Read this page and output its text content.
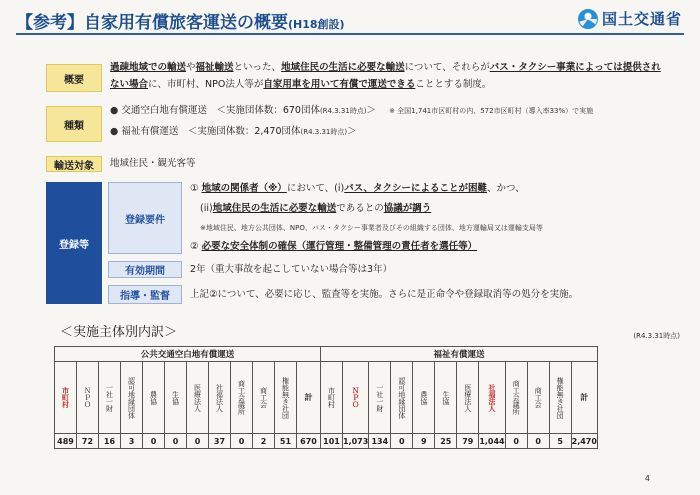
【参考】自家用有償旅客運送の概要(H18創設)	国土交通省
概要
過疎地域での輸送や福祉輸送といった、地域住民の生活に必要な輸送について、それらがバス・タクシー事業によっては提供され
ない場合に、市町村、NPO法人等が自家用車を用いて有償で運送できることとする制度。
種類
● 交通空白地有償運送　＜実施団体数：670団体(R4.3.31時点)＞ ※ 全国1,741市区町村の内、572市区町村（導入率33%）で実施
● 福祉有償運送　＜実施団体数：2,470団体(R4.3.31時点)＞
輸送対象	地域住民・観光客等
登録等
登録要件
① 地域の関係者（※）において、(i)バス、タクシーによることが困難、かつ、
(ii)地域住民の生活に必要な輸送であるとの協議が調う
※地域住民、地方公共団体、NPO、バス・タクシー事業者及びその組織する団体、地方運輸局又は運輸支局等
② 必要な安全体制の確保（運行管理・整備管理の責任者を選任等）
有効期間	2年（重大事故を起こしていない場合等は3年）
指導・監督	上記②について、必要に応じ、監査等を実施。さらに是正命令や登録取消等の処分を実施。
＜実施主体別内訳＞	(R4.3.31時点)
公共交通空白地有償運送												福祉有償運送											
市町村	ＮＰＯ	一社一財	認可地縁団体	農協	生協	医療法人	社福法人	商工会議所	商工会	権能無き社団	計	市町村	ＮＰＯ	一社一財	認可地縁団体	農協	生協	医療法人	社福法人	商工会議所	商工会	権能無き社団	計
489	72	16	3	0	0	0	37	0	2	51	670	101	1,073	134	0	9	25	79	1,044	0	0	5	2,470
4
